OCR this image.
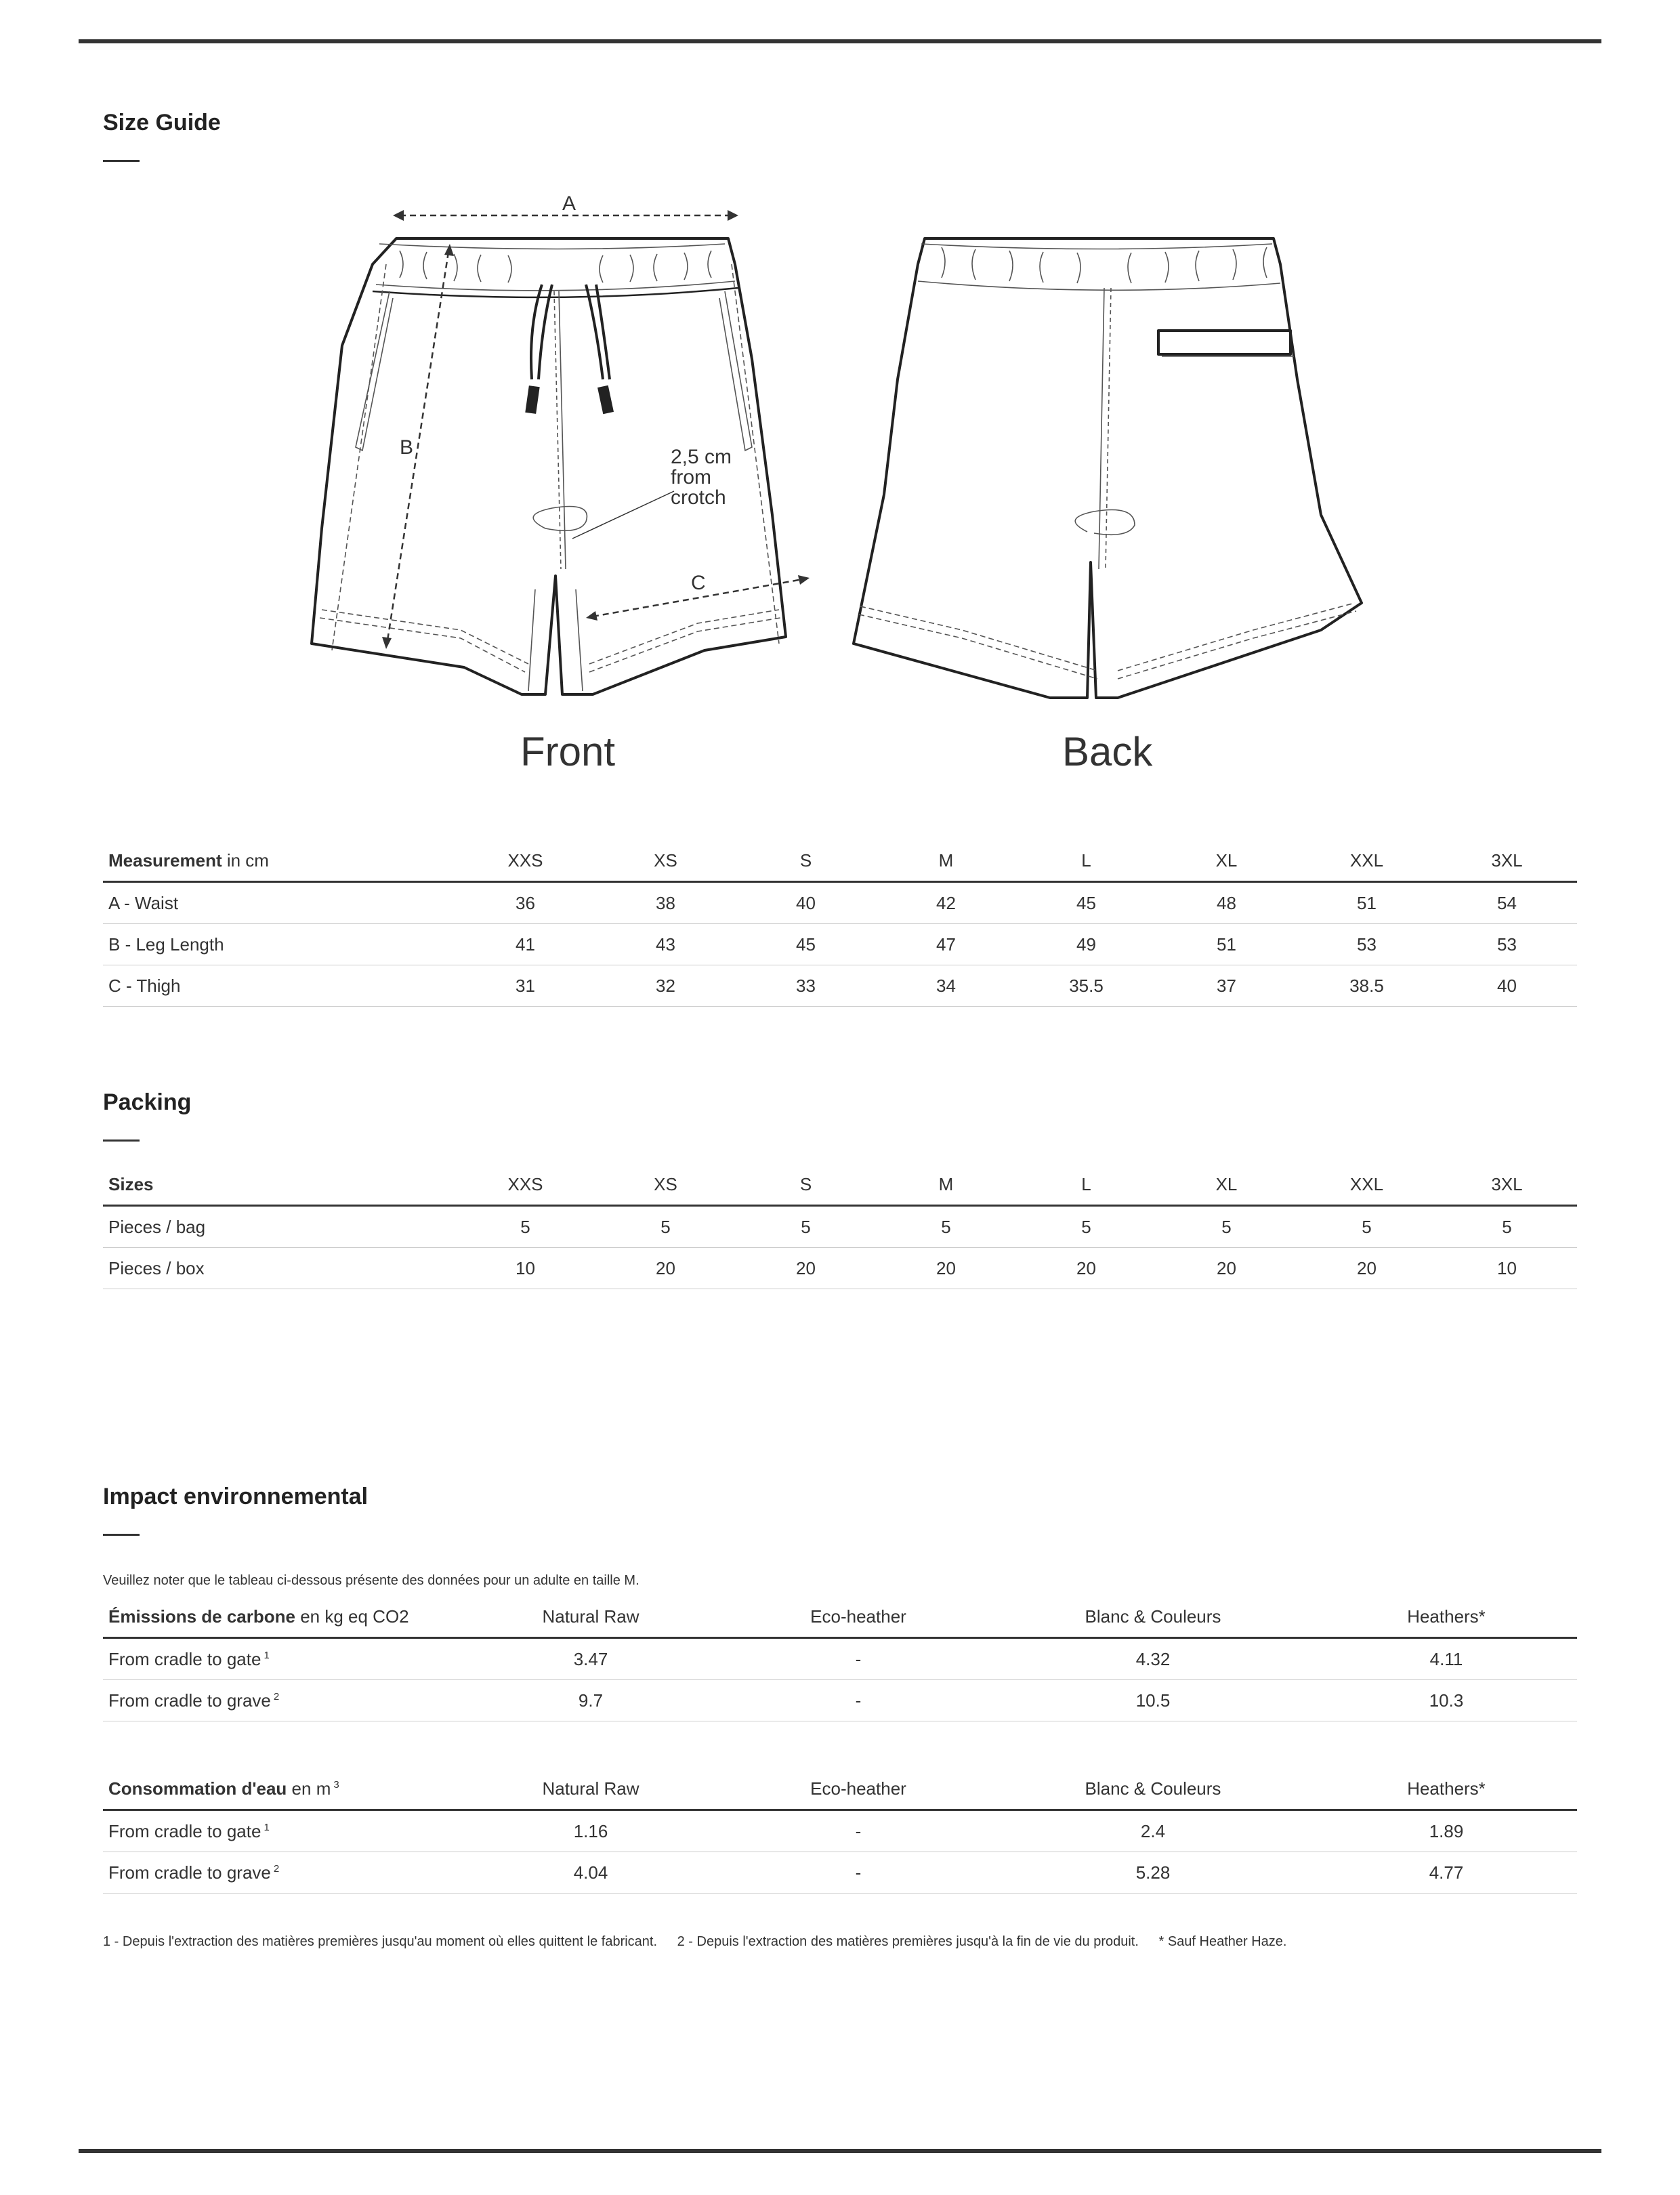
Size Guide
A
B
C
2,5 cm
from
crotch
Front	Back
Measurement in cm	XXS	XS	S	M	L	XL	XXL	3XL
A - Waist	36	38	40	42	45	48	51	54
B - Leg Length	41	43	45	47	49	51	53	53
C - Thigh	31	32	33	34	35.5	37	38.5	40
Packing
Sizes	XXS	XS	S	M	L	XL	XXL	3XL
Pieces / bag	5	5	5	5	5	5	5	5
Pieces / box	10	20	20	20	20	20	20	10
Impact environnemental
Veuillez noter que le tableau ci-dessous présente des données pour un adulte en taille M.
Émissions de carbone en kg eq CO2	Natural Raw	Eco-heather	Blanc & Couleurs	Heathers*
From cradle to gate $^1$	3.47	-	4.32	4.11
From cradle to grave $^2$	9.7	-	10.5	10.3
Consommation d'eau en m $^3$	Natural Raw	Eco-heather	Blanc & Couleurs	Heathers*
From cradle to gate $^1$	1.16	-	2.4	1.89
From cradle to grave $^2$	4.04	-	5.28	4.77
1 - Depuis l'extraction des matières premières jusqu'au moment où elles quittent le fabricant. 2 - Depuis l'extraction des matières premières jusqu'à la fin de vie du produit. * Sauf Heather Haze.
